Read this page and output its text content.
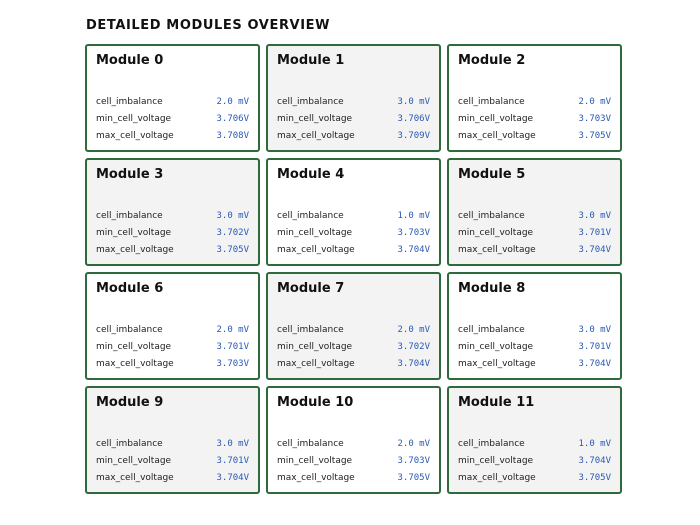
DETAILED MODULES OVERVIEW
Module 0
cell_imbalance	2.0 mV
min_cell_voltage	3.706V
max_cell_voltage	3.708V
Module 1
cell_imbalance	3.0 mV
min_cell_voltage	3.706V
max_cell_voltage	3.709V
Module 2
cell_imbalance	2.0 mV
min_cell_voltage	3.703V
max_cell_voltage	3.705V
Module 3
cell_imbalance	3.0 mV
min_cell_voltage	3.702V
max_cell_voltage	3.705V
Module 4
cell_imbalance	1.0 mV
min_cell_voltage	3.703V
max_cell_voltage	3.704V
Module 5
cell_imbalance	3.0 mV
min_cell_voltage	3.701V
max_cell_voltage	3.704V
Module 6
cell_imbalance	2.0 mV
min_cell_voltage	3.701V
max_cell_voltage	3.703V
Module 7
cell_imbalance	2.0 mV
min_cell_voltage	3.702V
max_cell_voltage	3.704V
Module 8
cell_imbalance	3.0 mV
min_cell_voltage	3.701V
max_cell_voltage	3.704V
Module 9
cell_imbalance	3.0 mV
min_cell_voltage	3.701V
max_cell_voltage	3.704V
Module 10
cell_imbalance	2.0 mV
min_cell_voltage	3.703V
max_cell_voltage	3.705V
Module 11
cell_imbalance	1.0 mV
min_cell_voltage	3.704V
max_cell_voltage	3.705V
